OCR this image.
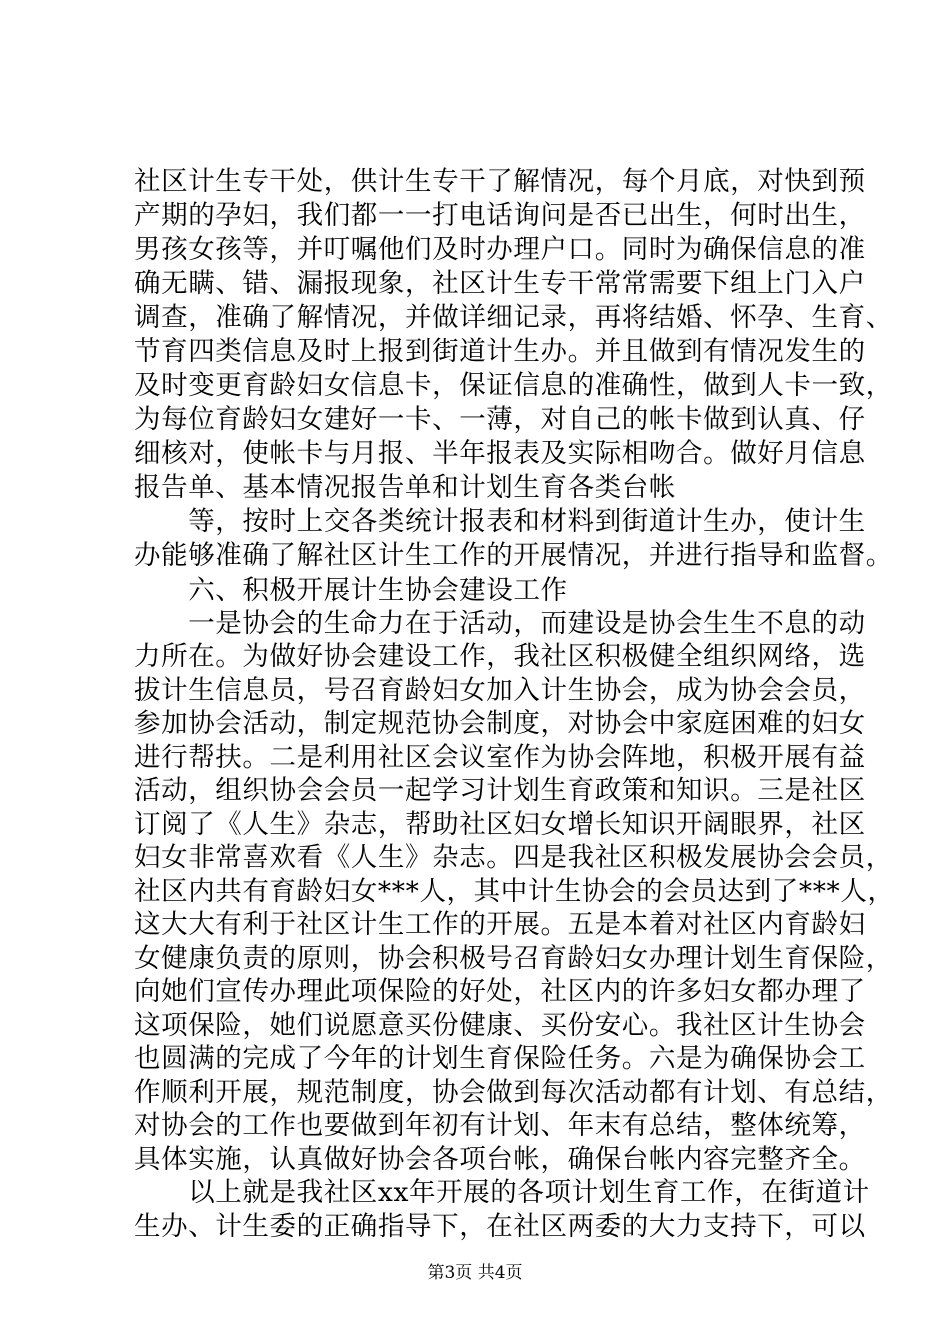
社区计生专干处，供计生专干了解情况，每个月底，对快到预
产期的孕妇，我们都一一打电话询问是否已出生，何时出生，
男孩女孩等，并叮嘱他们及时办理户口。同时为确保信息的准
确无瞒、错、漏报现象，社区计生专干常常需要下组上门入户
调查，准确了解情况，并做详细记录，再将结婚、怀孕、生育、
节育四类信息及时上报到街道计生办。并且做到有情况发生的
及时变更育龄妇女信息卡，保证信息的准确性，做到人卡一致，
为每位育龄妇女建好一卡、一薄，对自己的帐卡做到认真、仔
细核对，使帐卡与月报、半年报表及实际相吻合。做好月信息
报告单、基本情况报告单和计划生育各类台帐
　　等，按时上交各类统计报表和材料到街道计生办，使计生
办能够准确了解社区计生工作的开展情况，并进行指导和监督。
　　六、积极开展计生协会建设工作
　　一是协会的生命力在于活动，而建设是协会生生不息的动
力所在。为做好协会建设工作，我社区积极健全组织网络，选
拔计生信息员，号召育龄妇女加入计生协会，成为协会会员，
参加协会活动，制定规范协会制度，对协会中家庭困难的妇女
进行帮扶。二是利用社区会议室作为协会阵地，积极开展有益
活动，组织协会会员一起学习计划生育政策和知识。三是社区
订阅了《人生》杂志，帮助社区妇女增长知识开阔眼界，社区
妇女非常喜欢看《人生》杂志。四是我社区积极发展协会会员，
社区内共有育龄妇女***人，其中计生协会的会员达到了***人，
这大大有利于社区计生工作的开展。五是本着对社区内育龄妇
女健康负责的原则，协会积极号召育龄妇女办理计划生育保险，
向她们宣传办理此项保险的好处，社区内的许多妇女都办理了
这项保险，她们说愿意买份健康、买份安心。我社区计生协会
也圆满的完成了今年的计划生育保险任务。六是为确保协会工
作顺利开展，规范制度，协会做到每次活动都有计划、有总结，
对协会的工作也要做到年初有计划、年末有总结，整体统筹，
具体实施，认真做好协会各项台帐，确保台帐内容完整齐全。
　　以上就是我社区xx年开展的各项计划生育工作，在街道计
生办、计生委的正确指导下，在社区两委的大力支持下，可以
第3页 共4页
